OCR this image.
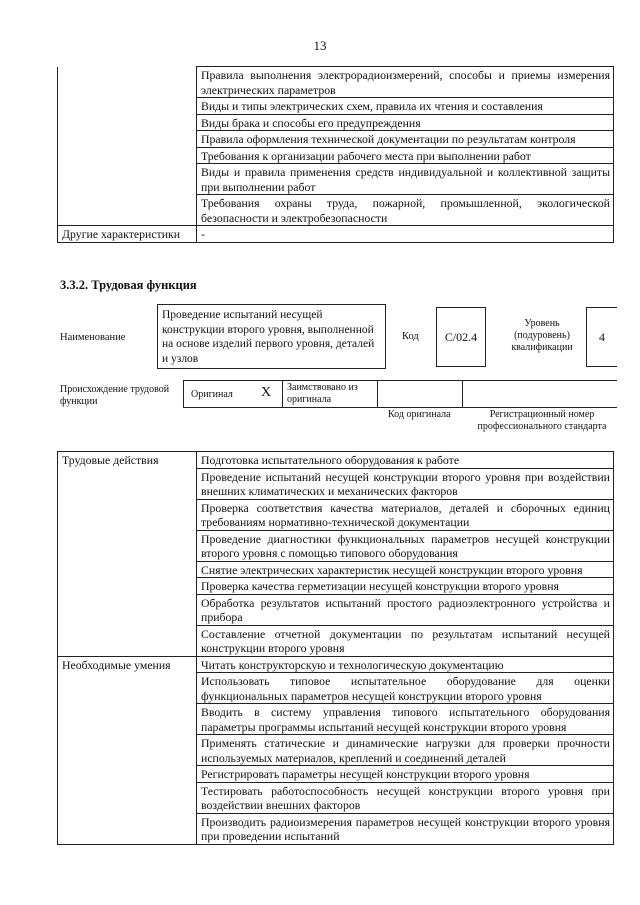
13
	Правила выполнения электрорадиоизмерений, способы и приемы измерения электрических параметров
	Виды и типы электрических схем, правила их чтения и составления
	Виды брака и способы его предупреждения
	Правила оформления технической документации по результатам контроля
	Требования к организации рабочего места при выполнении работ
	Виды и правила применения средств индивидуальной и коллективной защиты при выполнении работ
	Требования охраны труда, пожарной, промышленной, экологической безопасности и электробезопасности
Другие характеристики	-
3.3.2. Трудовая функция
Наименование
Проведение испытаний несущей конструкции второго уровня, выполненной на основе изделий первого уровня, деталей и узлов
Код C/02.4
Уровень (подуровень) квалификации
4
Происхождение трудовой функции
Оригинал X Заимствовано из оригинала
Код оригинала	Регистрационный номер профессионального стандарта
Трудовые действия	Подготовка испытательного оборудования к работе
	Проведение испытаний несущей конструкции второго уровня при воздействии внешних климатических и механических факторов
	Проверка соответствия качества материалов, деталей и сборочных единиц требованиям нормативно-технической документации
	Проведение диагностики функциональных параметров несущей конструкции второго уровня с помощью типового оборудования
	Снятие электрических характеристик несущей конструкции второго уровня
	Проверка качества герметизации несущей конструкции второго уровня
	Обработка результатов испытаний простого радиоэлектронного устройства и прибора
	Составление отчетной документации по результатам испытаний несущей конструкции второго уровня
Необходимые умения	Читать конструкторскую и технологическую документацию
	Использовать типовое испытательное оборудование для оценки функциональных параметров несущей конструкции второго уровня
	Вводить в систему управления типового испытательного оборудования параметры программы испытаний несущей конструкции второго уровня
	Применять статические и динамические нагрузки для проверки прочности используемых материалов, креплений и соединений деталей
	Регистрировать параметры несущей конструкции второго уровня
	Тестировать работоспособность несущей конструкции второго уровня при воздействии внешних факторов
	Производить радиоизмерения параметров несущей конструкции второго уровня при проведении испытаний
